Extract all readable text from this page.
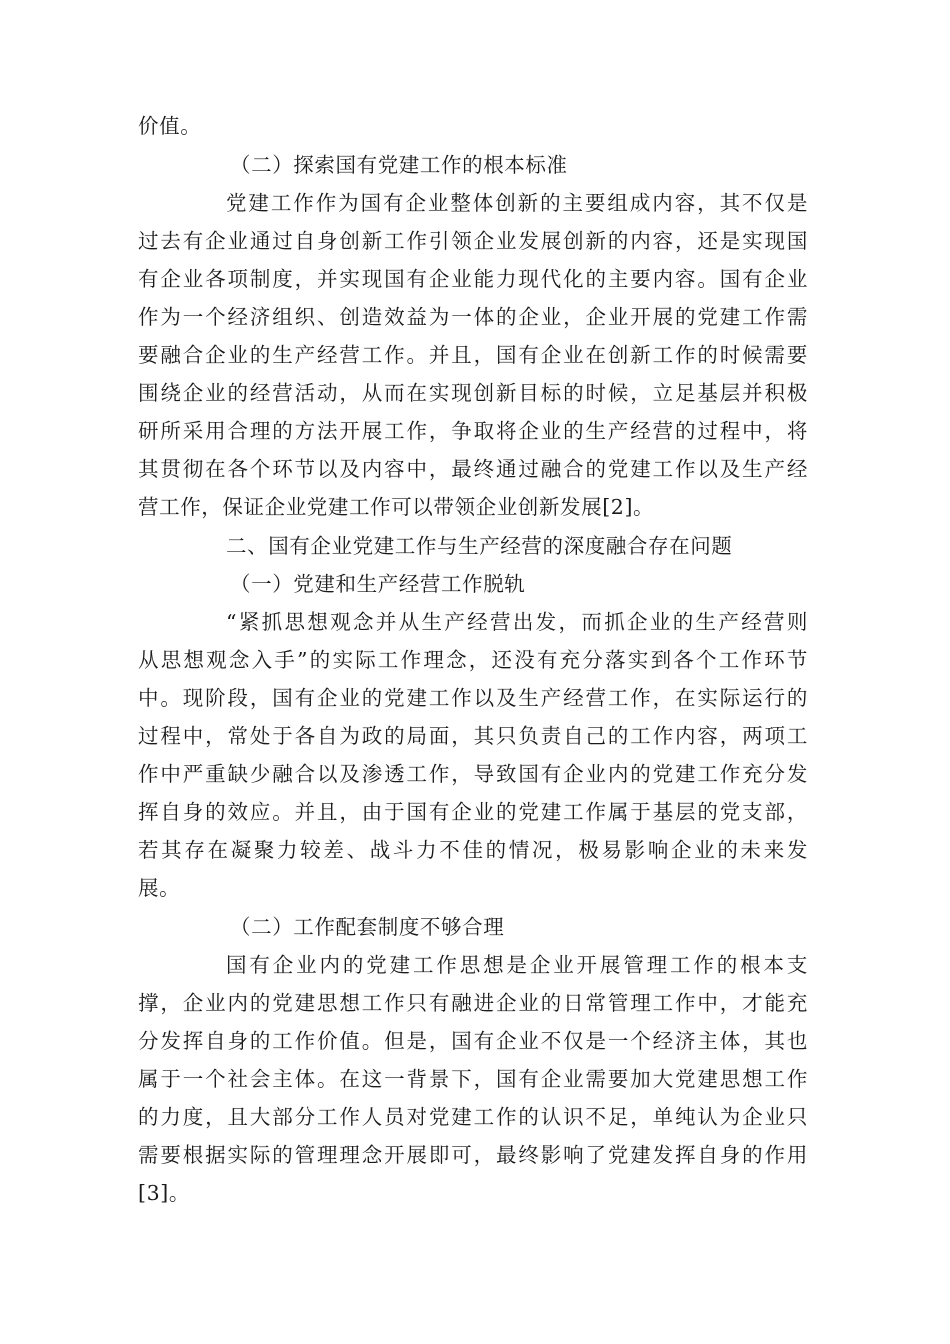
价值。
（二）探索国有党建工作的根本标准
党建工作作为国有企业整体创新的主要组成内容，其不仅是
过去有企业通过自身创新工作引领企业发展创新的内容，还是实现国
有企业各项制度，并实现国有企业能力现代化的主要内容。国有企业
作为一个经济组织、创造效益为一体的企业，企业开展的党建工作需
要融合企业的生产经营工作。并且，国有企业在创新工作的时候需要
围绕企业的经营活动，从而在实现创新目标的时候，立足基层并积极
研所采用合理的方法开展工作，争取将企业的生产经营的过程中，将
其贯彻在各个环节以及内容中，最终通过融合的党建工作以及生产经
营工作，保证企业党建工作可以带领企业创新发展[2]。
二、国有企业党建工作与生产经营的深度融合存在问题
（一）党建和生产经营工作脱轨
“紧抓思想观念并从生产经营出发，而抓企业的生产经营则
从思想观念入手”的实际工作理念，还没有充分落实到各个工作环节
中。现阶段，国有企业的党建工作以及生产经营工作，在实际运行的
过程中，常处于各自为政的局面，其只负责自己的工作内容，两项工
作中严重缺少融合以及渗透工作，导致国有企业内的党建工作充分发
挥自身的效应。并且，由于国有企业的党建工作属于基层的党支部，
若其存在凝聚力较差、战斗力不佳的情况，极易影响企业的未来发
展。
（二）工作配套制度不够合理
国有企业内的党建工作思想是企业开展管理工作的根本支
撑，企业内的党建思想工作只有融进企业的日常管理工作中，才能充
分发挥自身的工作价值。但是，国有企业不仅是一个经济主体，其也
属于一个社会主体。在这一背景下，国有企业需要加大党建思想工作
的力度，且大部分工作人员对党建工作的认识不足，单纯认为企业只
需要根据实际的管理理念开展即可，最终影响了党建发挥自身的作用
[3]。
